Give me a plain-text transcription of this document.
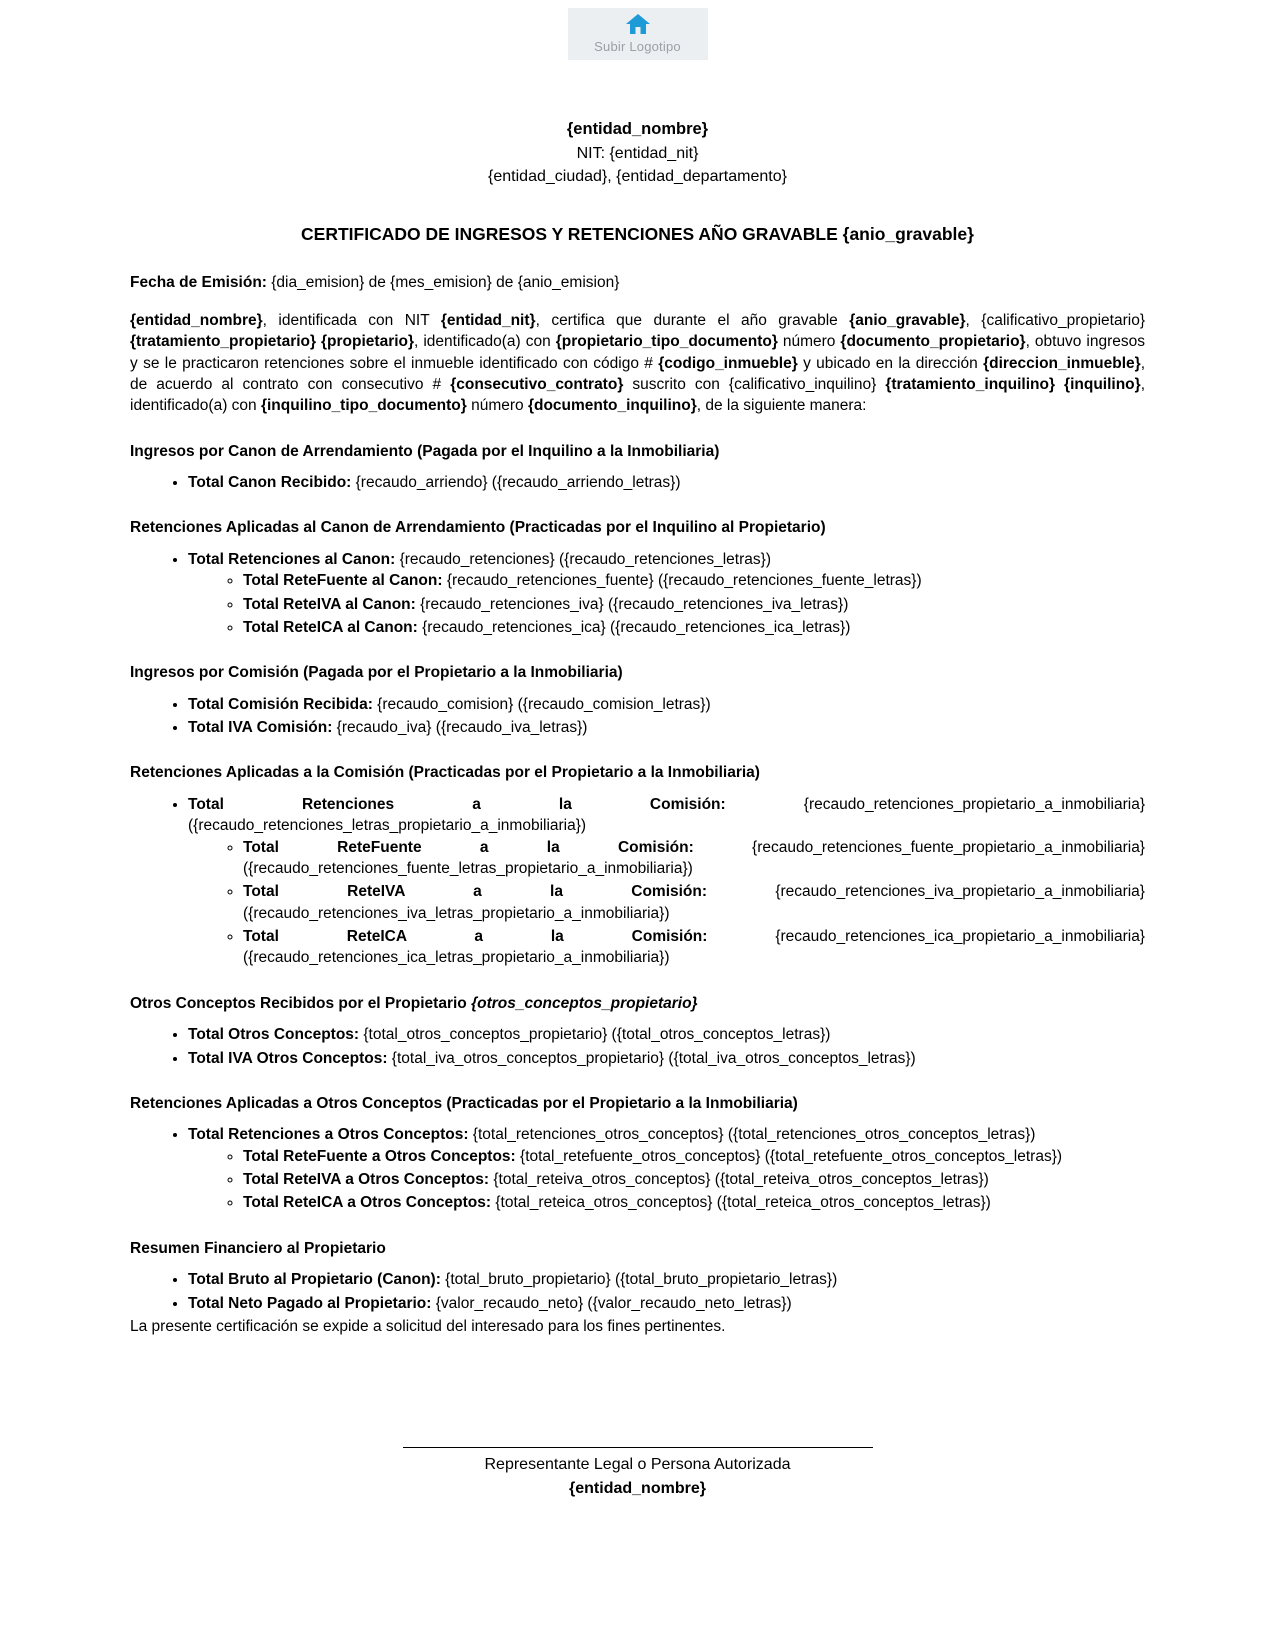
Subir Logotipo
{entidad_nombre}
NIT: {entidad_nit}
{entidad_ciudad}, {entidad_departamento}
CERTIFICADO DE INGRESOS Y RETENCIONES AÑO GRAVABLE {anio_gravable}

Fecha de Emisión: {dia_emision} de {mes_emision} de {anio_emision}

{entidad_nombre}, identificada con NIT {entidad_nit}, certifica que durante el año gravable {anio_gravable}, {calificativo_propietario} {tratamiento_propietario} {propietario}, identificado(a) con {propietario_tipo_documento} número {documento_propietario}, obtuvo ingresos y se le practicaron retenciones sobre el inmueble identificado con código # {codigo_inmueble} y ubicado en la dirección {direccion_inmueble}, de acuerdo al contrato con consecutivo # {consecutivo_contrato} suscrito con {calificativo_inquilino} {tratamiento_inquilino} {inquilino}, identificado(a) con {inquilino_tipo_documento} número {documento_inquilino}, de la siguiente manera:

Ingresos por Canon de Arrendamiento (Pagada por el Inquilino a la Inmobiliaria)
• Total Canon Recibido: {recaudo_arriendo} ({recaudo_arriendo_letras})
Retenciones Aplicadas al Canon de Arrendamiento (Practicadas por el Inquilino al Propietario)
• Total Retenciones al Canon: {recaudo_retenciones} ({recaudo_retenciones_letras})
◦ Total ReteFuente al Canon: {recaudo_retenciones_fuente} ({recaudo_retenciones_fuente_letras})
◦ Total ReteIVA al Canon: {recaudo_retenciones_iva} ({recaudo_retenciones_iva_letras})
◦ Total ReteICA al Canon: {recaudo_retenciones_ica} ({recaudo_retenciones_ica_letras})
Ingresos por Comisión (Pagada por el Propietario a la Inmobiliaria)
• Total Comisión Recibida: {recaudo_comision} ({recaudo_comision_letras})
• Total IVA Comisión: {recaudo_iva} ({recaudo_iva_letras})
Retenciones Aplicadas a la Comisión (Practicadas por el Propietario a la Inmobiliaria)
• Total Retenciones a la Comisión: {recaudo_retenciones_propietario_a_inmobiliaria} ({recaudo_retenciones_letras_propietario_a_inmobiliaria})
◦ Total ReteFuente a la Comisión: {recaudo_retenciones_fuente_propietario_a_inmobiliaria} ({recaudo_retenciones_fuente_letras_propietario_a_inmobiliaria})
◦ Total ReteIVA a la Comisión: {recaudo_retenciones_iva_propietario_a_inmobiliaria} ({recaudo_retenciones_iva_letras_propietario_a_inmobiliaria})
◦ Total ReteICA a la Comisión: {recaudo_retenciones_ica_propietario_a_inmobiliaria} ({recaudo_retenciones_ica_letras_propietario_a_inmobiliaria})
Otros Conceptos Recibidos por el Propietario {otros_conceptos_propietario}
• Total Otros Conceptos: {total_otros_conceptos_propietario} ({total_otros_conceptos_letras})
• Total IVA Otros Conceptos: {total_iva_otros_conceptos_propietario} ({total_iva_otros_conceptos_letras})
Retenciones Aplicadas a Otros Conceptos (Practicadas por el Propietario a la Inmobiliaria)
• Total Retenciones a Otros Conceptos: {total_retenciones_otros_conceptos} ({total_retenciones_otros_conceptos_letras})
◦ Total ReteFuente a Otros Conceptos: {total_retefuente_otros_conceptos} ({total_retefuente_otros_conceptos_letras})
◦ Total ReteIVA a Otros Conceptos: {total_reteiva_otros_conceptos} ({total_reteiva_otros_conceptos_letras})
◦ Total ReteICA a Otros Conceptos: {total_reteica_otros_conceptos} ({total_reteica_otros_conceptos_letras})
Resumen Financiero al Propietario
• Total Bruto al Propietario (Canon): {total_bruto_propietario} ({total_bruto_propietario_letras})
• Total Neto Pagado al Propietario: {valor_recaudo_neto} ({valor_recaudo_neto_letras})

La presente certificación se expide a solicitud del interesado para los fines pertinentes.

Representante Legal o Persona Autorizada
{entidad_nombre}
